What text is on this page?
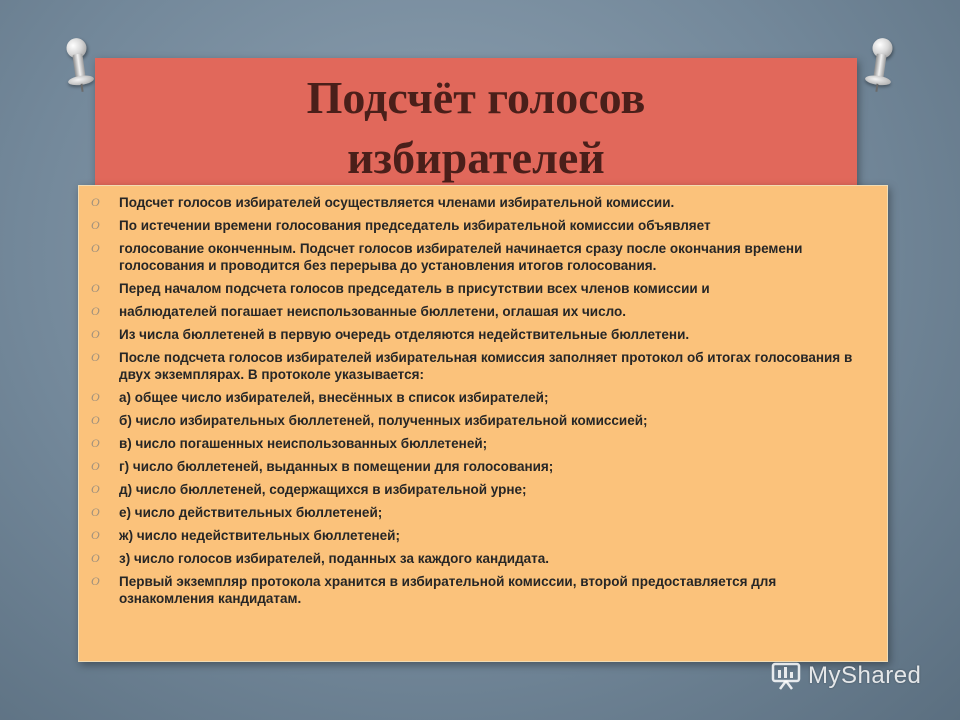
Подсчёт голосов
избирателей
O Подсчет голосов избирателей осуществляется членами избирательной комиссии.
O По истечении времени голосования председатель избирательной комиссии объявляет
O голосование оконченным. Подсчет голосов избирателей начинается сразу после окончания времени голосования и проводится без перерыва до установления итогов голосования.
O Перед началом подсчета голосов председатель в присутствии всех членов комиссии и
O наблюдателей погашает неиспользованные бюллетени, оглашая их число.
O Из числа бюллетеней в первую очередь отделяются недействительные бюллетени.
O После подсчета голосов избирателей избирательная комиссия заполняет протокол об итогах голосования в двух экземплярах. В протоколе указывается:
O а) общее число избирателей, внесённых в список избирателей;
O б) число избирательных бюллетеней, полученных избирательной комиссией;
O в) число погашенных неиспользованных бюллетеней;
O г) число бюллетеней, выданных в помещении для голосования;
O д) число бюллетеней, содержащихся в избирательной урне;
O е) число действительных бюллетеней;
O ж) число недействительных бюллетеней;
O з) число голосов избирателей, поданных за каждого кандидата.
O Первый экземпляр протокола хранится в избирательной комиссии, второй предоставляется для ознакомления кандидатам.
MyShared
